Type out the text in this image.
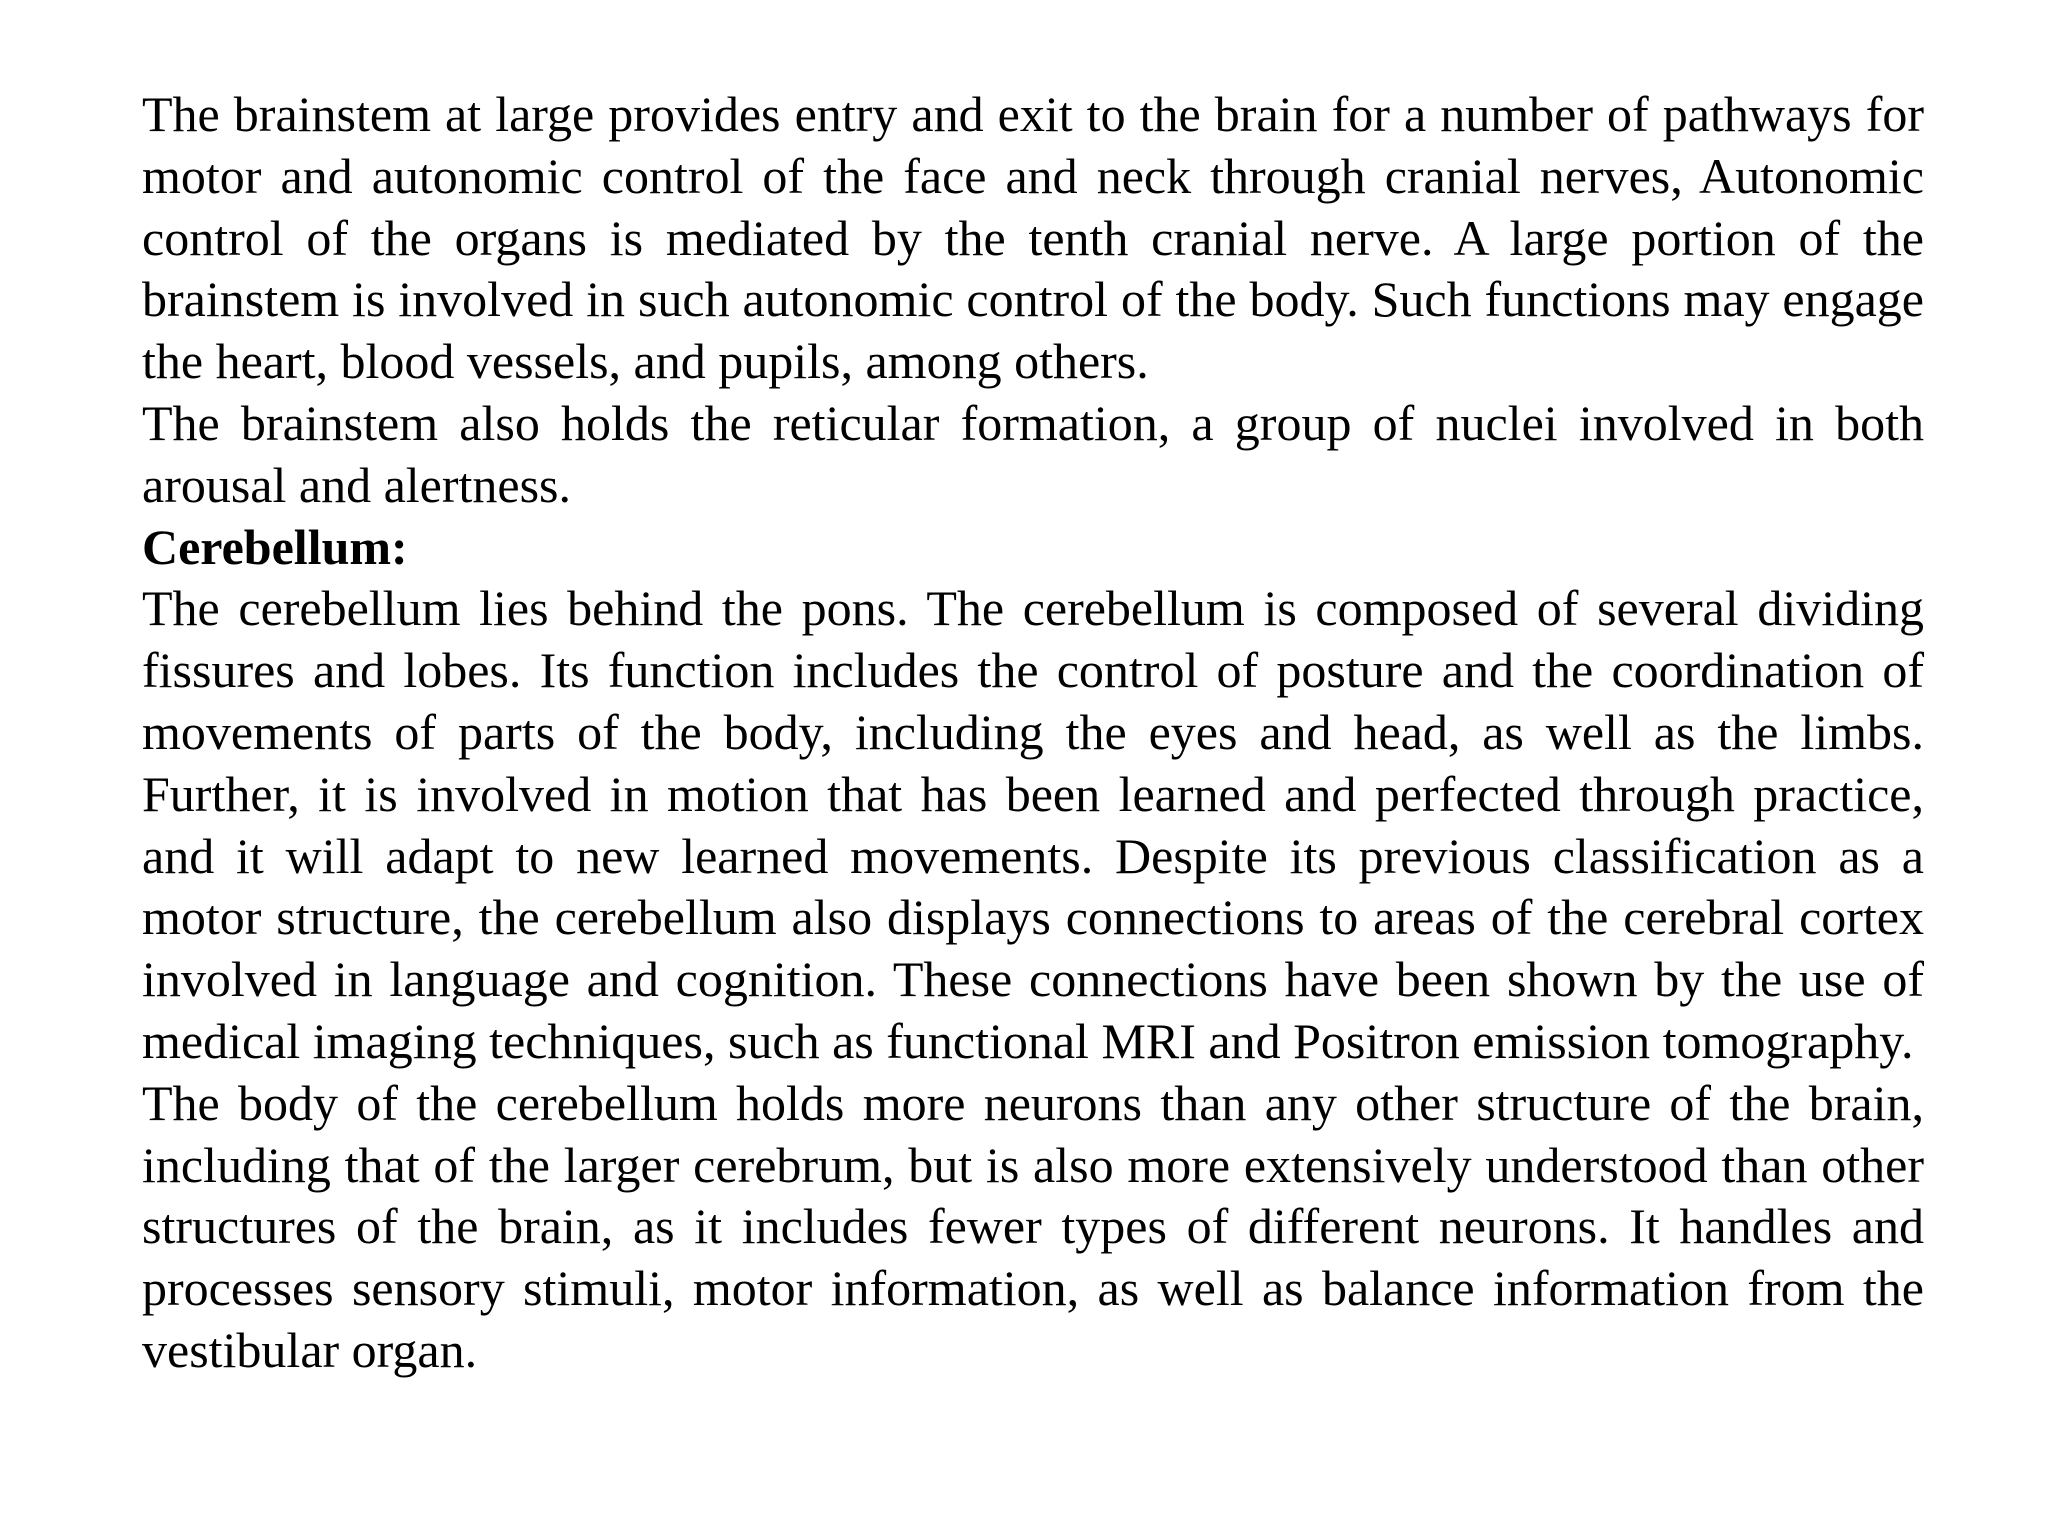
The brainstem at large provides entry and exit to the brain for a number of pathways for motor and autonomic control of the face and neck through cranial nerves, Autonomic control of the organs is mediated by the tenth cranial nerve. A large portion of the brainstem is involved in such autonomic control of the body. Such functions may engage the heart, blood vessels, and pupils, among others.

The brainstem also holds the reticular formation, a group of nuclei involved in both arousal and alertness.

Cerebellum:

The cerebellum lies behind the pons. The cerebellum is composed of several dividing fissures and lobes. Its function includes the control of posture and the coordination of movements of parts of the body, including the eyes and head, as well as the limbs. Further, it is involved in motion that has been learned and perfected through practice, and it will adapt to new learned movements. Despite its previous classification as a motor structure, the cerebellum also displays connections to areas of the cerebral cortex involved in language and cognition. These connections have been shown by the use of medical imaging techniques, such as functional MRI and Positron emission tomography.

The body of the cerebellum holds more neurons than any other structure of the brain, including that of the larger cerebrum, but is also more extensively understood than other structures of the brain, as it includes fewer types of different neurons. It handles and processes sensory stimuli, motor information, as well as balance information from the vestibular organ.
